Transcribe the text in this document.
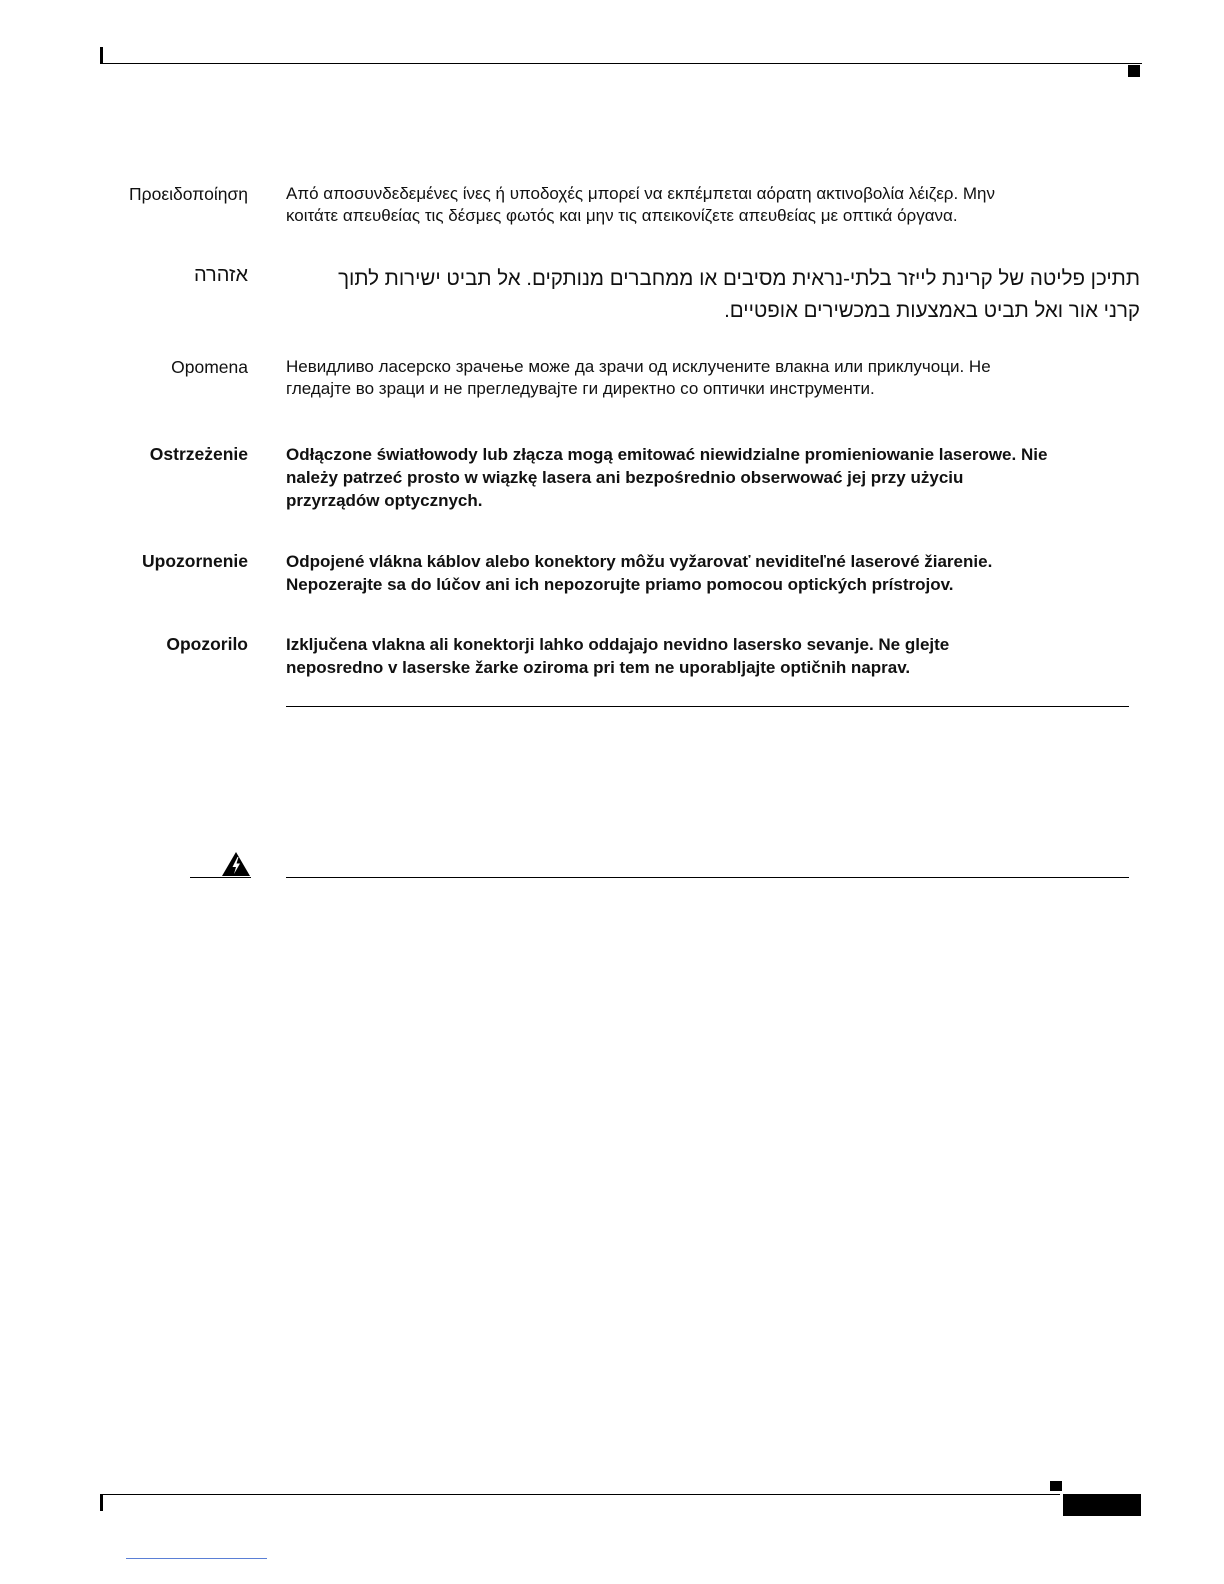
Προειδοποίηση Από αποσυνδεδεμένες ίνες ή υποδοχές μπορεί να εκπέμπεται αόρατη ακτινοβολία λέιζερ. Μην
κοιτάτε απευθείας τις δέσμες φωτός και μην τις απεικονίζετε απευθείας με οπτικά όργανα.
אזהרה	תתיכן פליטה של קרינת לייזר בלתי-נראית מסיבים או ממחברים מנותקים. אל תביט ישירות לתוך
קרני אור ואל תביט באמצעות במכשירים אופטיים.
Opomena Невидливо ласерско зрачење може да зрачи од исклучените влакна или приклучоци. Не
гледајте во зраци и не прегледувајте ги директно со оптички инструменти.
Ostrzeżenie Odłączone światłowody lub złącza mogą emitować niewidzialne promieniowanie laserowe. Nie
należy patrzeć prosto w wiązkę lasera ani bezpośrednio obserwować jej przy użyciu
przyrządów optycznych.
Upozornenie Odpojené vlákna káblov alebo konektory môžu vyžarovať neviditeľné laserové žiarenie.
Nepozerajte sa do lúčov ani ich nepozorujte priamo pomocou optických prístrojov.
Opozorilo Izključena vlakna ali konektorji lahko oddajajo nevidno lasersko sevanje. Ne glejte
neposredno v laserske žarke oziroma pri tem ne uporabljajte optičnih naprav.
